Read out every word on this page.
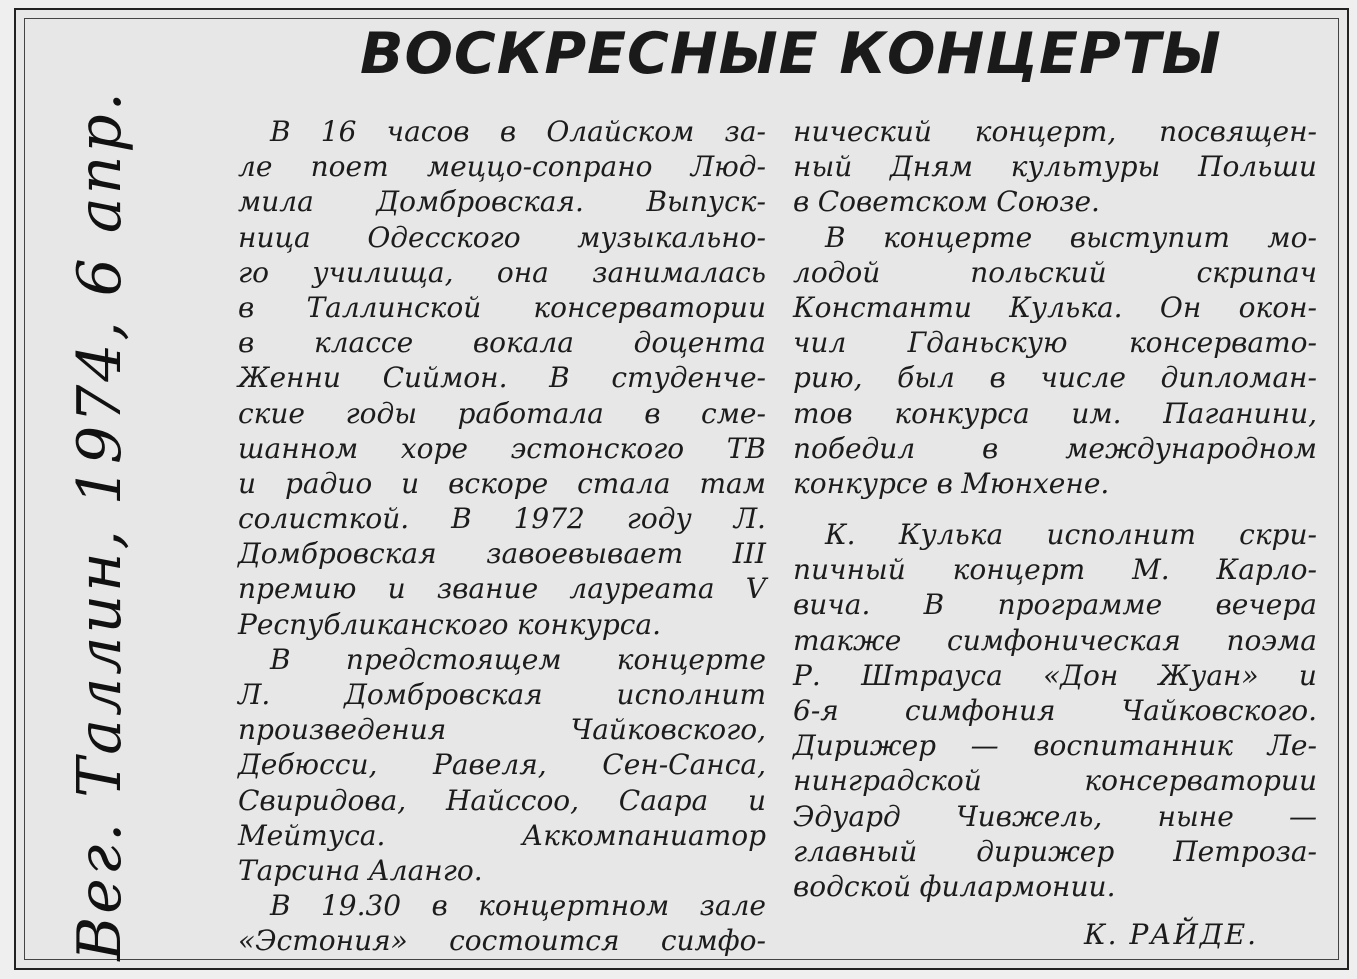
ВОСКРЕСНЫЕ КОНЦЕРТЫ
Вег. Таллин, 1974, 6 апр.	В 16 часов в Олайском за-
ле поет меццо-сопрано Люд-
мила Домбровская. Выпуск-
ница Одесского музыкально-
го училища, она занималась
в Таллинской консерватории
в классе вокала доцента
Женни Сиймон. В студенче-
ские годы работала в сме-
шанном хоре эстонского ТВ
и радио и вскоре стала там
солисткой. В 1972 году Л.
Домбровская завоевывает III
премию и звание лауреата V
Республиканского конкурса.
В предстоящем концерте
Л.	Домбровская	исполнит
произведения	Чайковского,
Дебюсси, Равеля, Сен-Санса,
Свиридова, Найссоо, Саара и
Мейтуса.	Аккомпаниатор
Тарсина Аланго.
В 19.30 в концертном зале
«Эстония» состоится симфо-
нический концерт, посвящен-
ный Дням культуры Польши
в Советском Союзе.
В концерте выступит мо-
лодой	польский	скрипач
Константи Кулька. Он окон-
чил Гданьскую консервато-
рию, был в числе дипломан-
тов конкурса им. Паганини,
победил в международном
конкурсе в Мюнхене.
К. Кулька исполнит скри-
пичный концерт М. Карло-
вича. В программе вечера
также симфоническая поэма
Р. Штрауса «Дон Жуан» и
6-я симфония Чайковского.
Дирижер — воспитанник Ле-
нинградской	консерватории
Эдуард Чивжель, ныне —
главный дирижер Петроза-
водской филармонии.
К. РАЙДЕ.
